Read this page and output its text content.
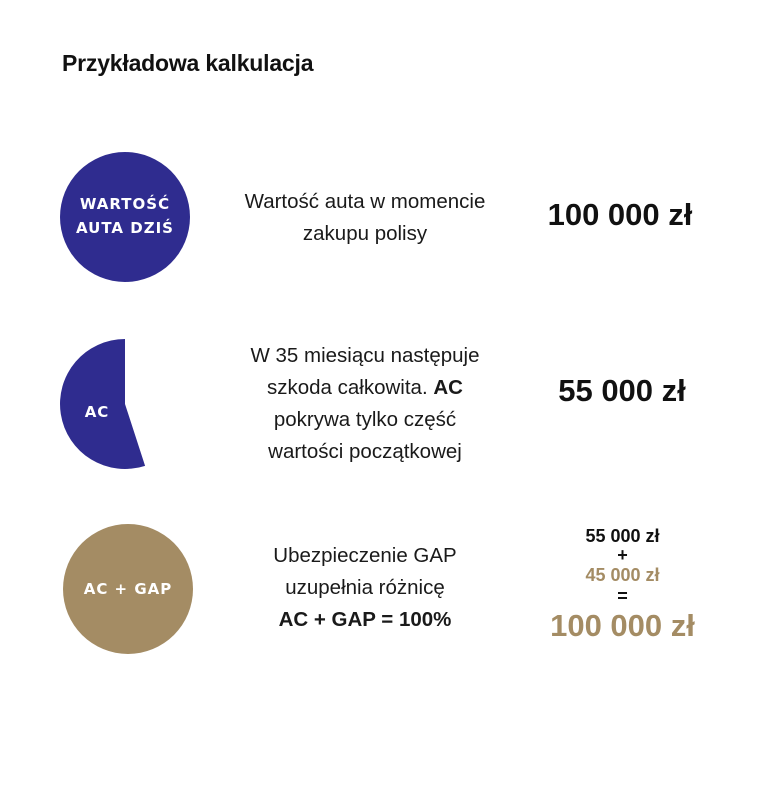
Przykładowa kalkulacja
WARTOŚĆ
AUTA DZIŚ
Wartość auta w momencie
zakupu polisy
100 000 zł
AC
W 35 miesiącu następuje
szkoda całkowita. AC
pokrywa tylko część
wartości początkowej
55 000 zł
AC + GAP
Ubezpieczenie GAP
uzupełnia różnicę
AC + GAP = 100%
55 000 zł
+
45 000 zł
=
100 000 zł
